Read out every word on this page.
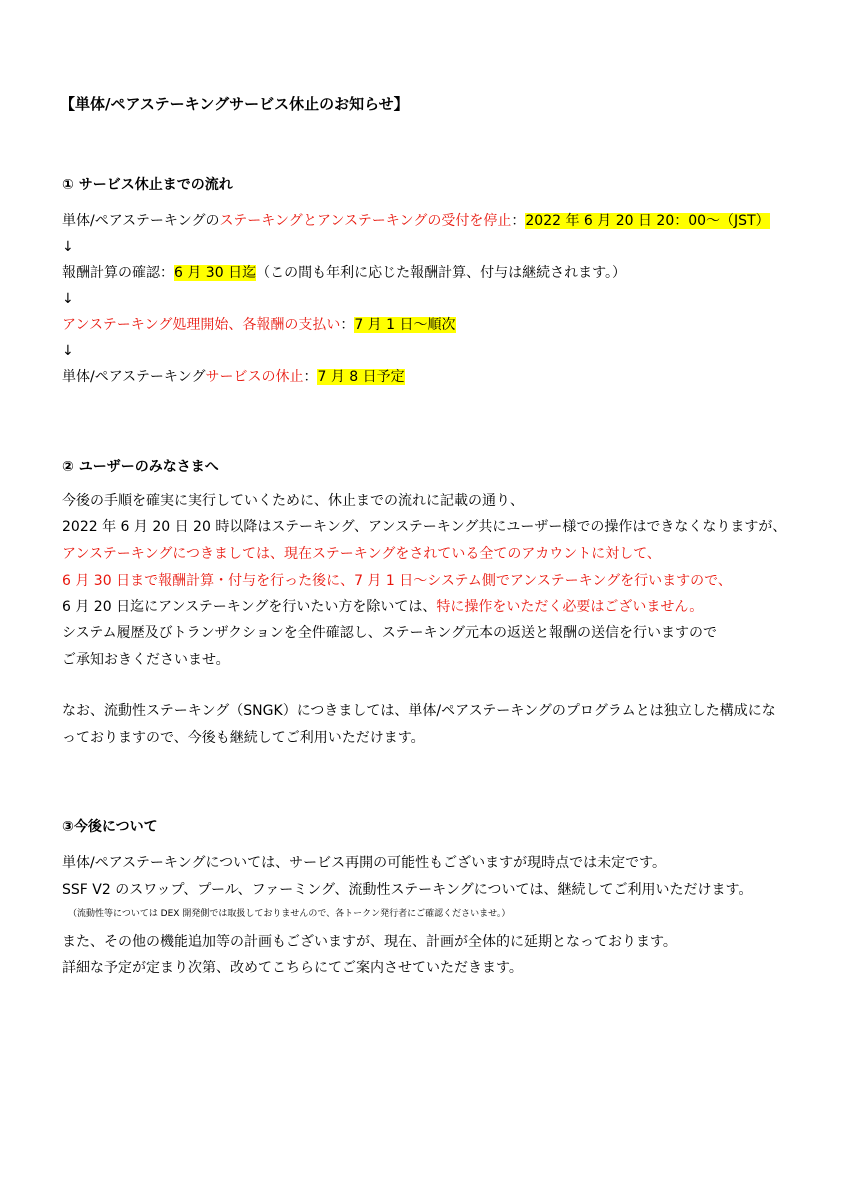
【単体/ペアステーキングサービス休止のお知らせ】
① サービス休止までの流れ
単体/ペアステーキングのステーキングとアンステーキングの受付を停止：2022 年 6 月 20 日 20：00〜（JST）
↓
報酬計算の確認：6 月 30 日迄（この間も年利に応じた報酬計算、付与は継続されます。）
↓
アンステーキング処理開始、各報酬の支払い：7 月 1 日〜順次
↓
単体/ペアステーキングサービスの休止：7 月 8 日予定
② ユーザーのみなさまへ
今後の手順を確実に実行していくために、休止までの流れに記載の通り、
2022 年 6 月 20 日 20 時以降はステーキング、アンステーキング共にユーザー様での操作はできなくなりますが、
アンステーキングにつきましては、現在ステーキングをされている全てのアカウントに対して、
6 月 30 日まで報酬計算・付与を行った後に、7 月 1 日〜システム側でアンステーキングを行いますので、
6 月 20 日迄にアンステーキングを行いたい方を除いては、特に操作をいただく必要はございません。
システム履歴及びトランザクションを全件確認し、ステーキング元本の返送と報酬の送信を行いますので
ご承知おきくださいませ。
なお、流動性ステーキング（SNGK）につきましては、単体/ペアステーキングのプログラムとは独立した構成にな
っておりますので、今後も継続してご利用いただけます。
③今後について
単体/ペアステーキングについては、サービス再開の可能性もございますが現時点では未定です。
SSF V2 のスワップ、プール、ファーミング、流動性ステーキングについては、継続してご利用いただけます。
（流動性等については DEX 開発側では取扱しておりませんので、各トークン発行者にご確認くださいませ。）
また、その他の機能追加等の計画もございますが、現在、計画が全体的に延期となっております。
詳細な予定が定まり次第、改めてこちらにてご案内させていただきます。
